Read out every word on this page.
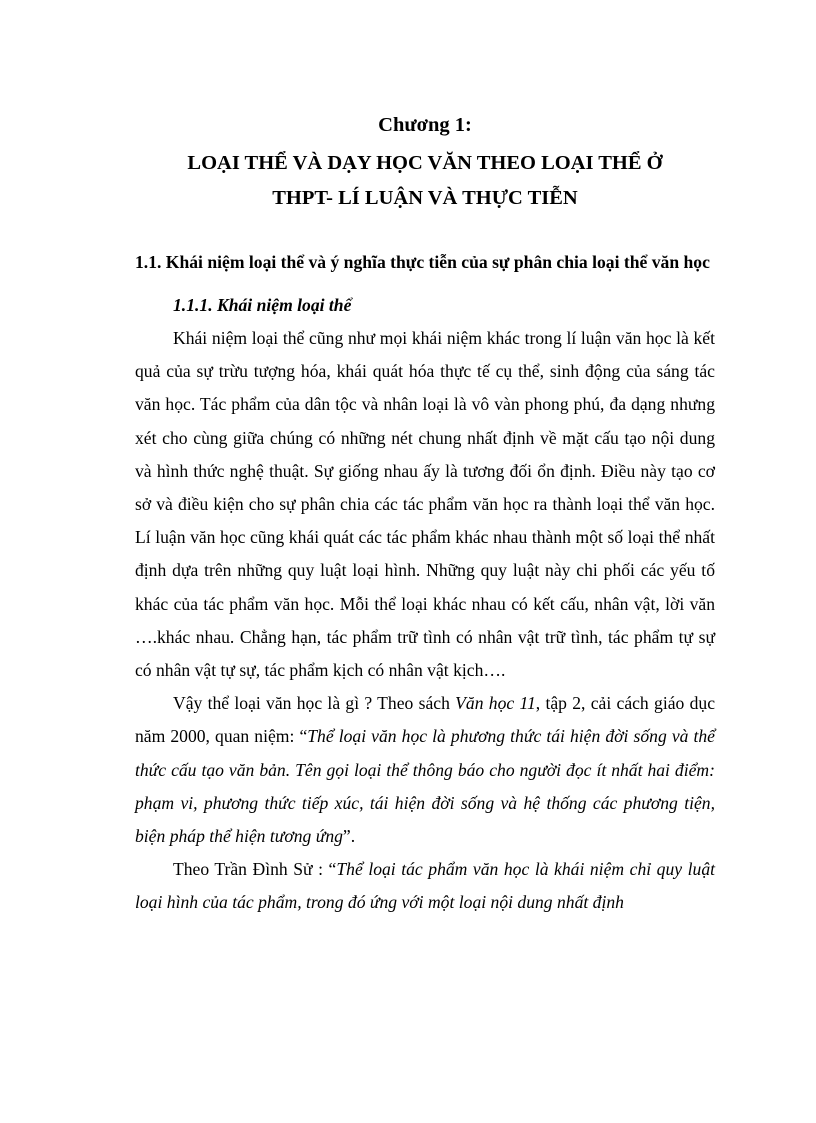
Chương 1:
LOẠI THỂ VÀ DẠY HỌC VĂN THEO LOẠI THỂ Ở
THPT- LÍ LUẬN VÀ THỰC TIỄN

1.1. Khái niệm loại thể và ý nghĩa thực tiễn của sự phân chia loại thể văn học

1.1.1. Khái niệm loại thể

Khái niệm loại thể cũng như mọi khái niệm khác trong lí luận văn học là kết quả của sự trừu tượng hóa, khái quát hóa thực tế cụ thể, sinh động của sáng tác văn học. Tác phẩm của dân tộc và nhân loại là vô vàn phong phú, đa dạng nhưng xét cho cùng giữa chúng có những nét chung nhất định về mặt cấu tạo nội dung và hình thức nghệ thuật. Sự giống nhau ấy là tương đối ổn định. Điều này tạo cơ sở và điều kiện cho sự phân chia các tác phẩm văn học ra thành loại thể văn học. Lí luận văn học cũng khái quát các tác phẩm khác nhau thành một số loại thể nhất định dựa trên những quy luật loại hình. Những quy luật này chi phối các yếu tố khác của tác phẩm văn học. Mỗi thể loại khác nhau có kết cấu, nhân vật, lời văn ….khác nhau. Chẳng hạn, tác phẩm trữ tình có nhân vật trữ tình, tác phẩm tự sự có nhân vật tự sự, tác phẩm kịch có nhân vật kịch….

Vậy thể loại văn học là gì ? Theo sách Văn học 11, tập 2, cải cách giáo dục năm 2000, quan niệm: “Thể loại văn học là phương thức tái hiện đời sống và thể thức cấu tạo văn bản. Tên gọi loại thể thông báo cho người đọc ít nhất hai điểm: phạm vi, phương thức tiếp xúc, tái hiện đời sống và hệ thống các phương tiện, biện pháp thể hiện tương ứng”.

Theo Trần Đình Sử : “Thể loại tác phẩm văn học là khái niệm chỉ quy luật loại hình của tác phẩm, trong đó ứng với một loại nội dung nhất định
